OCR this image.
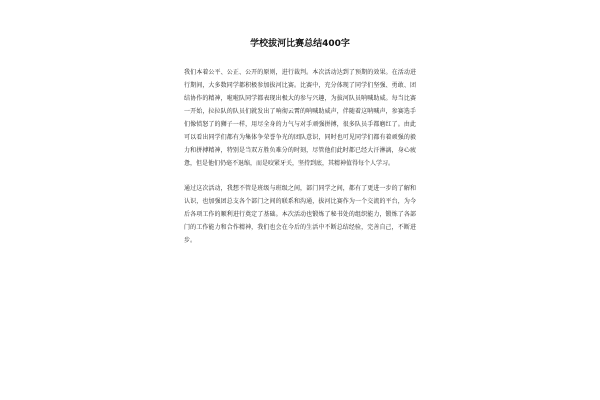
学校拔河比赛总结400字

我们本着公平、公正、公开的原则，进行裁判。本次活动达到了预期的效果。在活动进行期间，大多数同学都积极参加拔河比赛。比赛中，充分体现了同学们坚强、勇敢、团结协作的精神，啦啦队同学都表现出极大的参与兴趣，为拔河队员呐喊助威。每当比赛一开始，拉拉队的队员们就发出了响彻云霄的呐喊助威声，伴随着这呐喊声，参赛选手们像愤怒了的狮子一样，用尽全身的力气与对手顽强拼搏，很多队员手都磨红了。由此可以看出同学们都有为集体争荣誉争光的团队意识，同时也可见同学们都有着顽强的毅力和拼搏精神，特别是当双方胜负难分的时刻，尽管他们此时都已经大汗淋漓，身心疲惫，但是他们仍毫不退缩，而是咬紧牙关，坚持到底，其精神值得每个人学习。

通过这次活动，我想不管是班级与班级之间，部门同学之间，都有了更进一步的了解和认识，也加强团总支各个部门之间的联系和沟通，拔河比赛作为一个交流的平台，为今后各项工作的顺利进行奠定了基础。本次活动也锻炼了秘书处的组织能力，锻炼了各部门的工作能力和合作精神，我们也会在今后的生活中不断总结经验，完善自己，不断进步。
